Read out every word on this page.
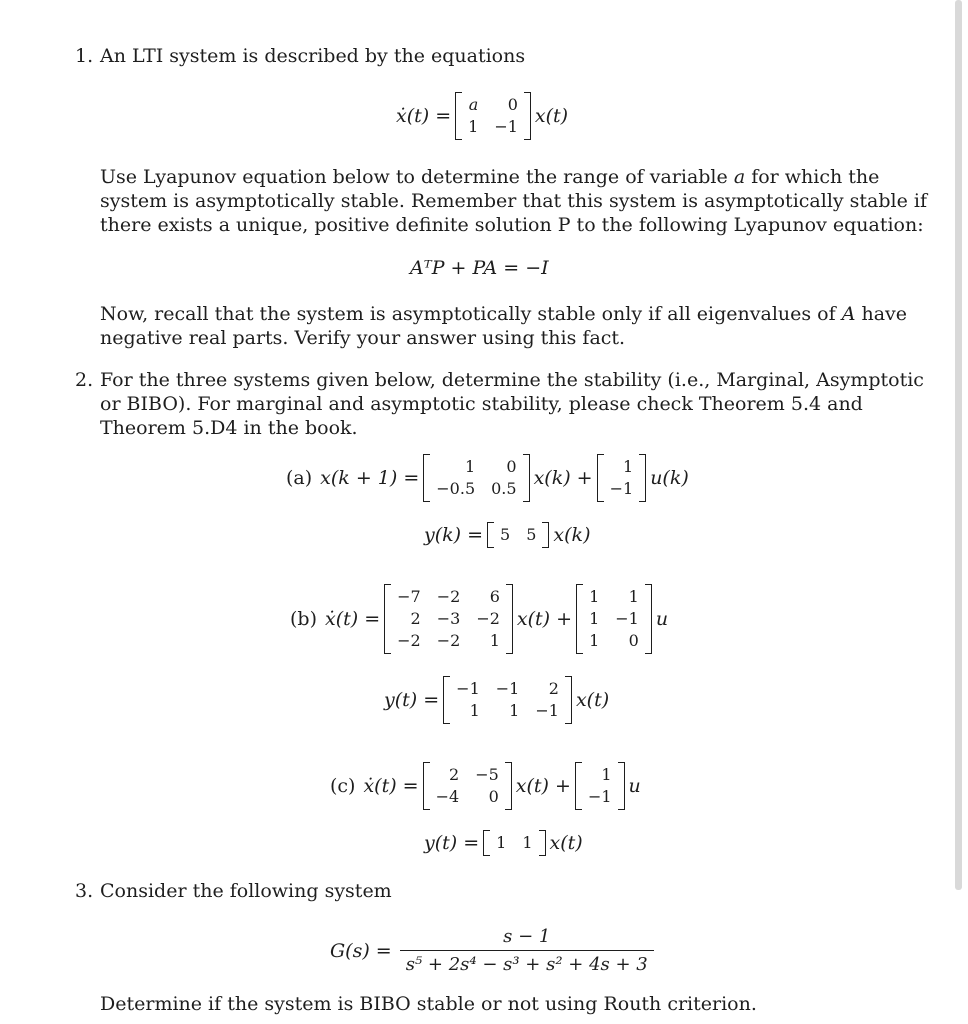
1. An LTI system is described by the equations
ẋ(t) =
a	0
1 −1 x(t)
Use Lyapunov equation below to determine the range of variable a for which the
system is asymptotically stable. Remember that this system is asymptotically stable if
there exists a unique, positive definite solution P to the following Lyapunov equation:
AᵀP + PA = −I
Now, recall that the system is asymptotically stable only if all eigenvalues of A have
negative real parts. Verify your answer using this fact.
2. For the three systems given below, determine the stability (i.e., Marginal, Asymptotic
or BIBO). For marginal and asymptotic stability, please check Theorem 5.4 and
Theorem 5.D4 in the book.
(a) x(k + 1) =
1	0
−0.5 0.5 x(k) +
1
−1 u(k)
y(k) = 5 5 x(k)
(b) ẋ(t) =
−7 −2	6
2 −3 −2
−2 −2	1
x(t) +
1	1
1 −1
1	0
u
y(t) =
−1 −1	2
1	1 −1 x(t)
(c) ẋ(t) =
2 −5
−4	0 x(t) +
1
−1 u
y(t) = 1 1 x(t)
3. Consider the following system
$G(s) = \frac{s - 1}{\text{s⁵ + 2s⁴ − s³ + s² + 4s + 3}}$
Determine if the system is BIBO stable or not using Routh criterion.
